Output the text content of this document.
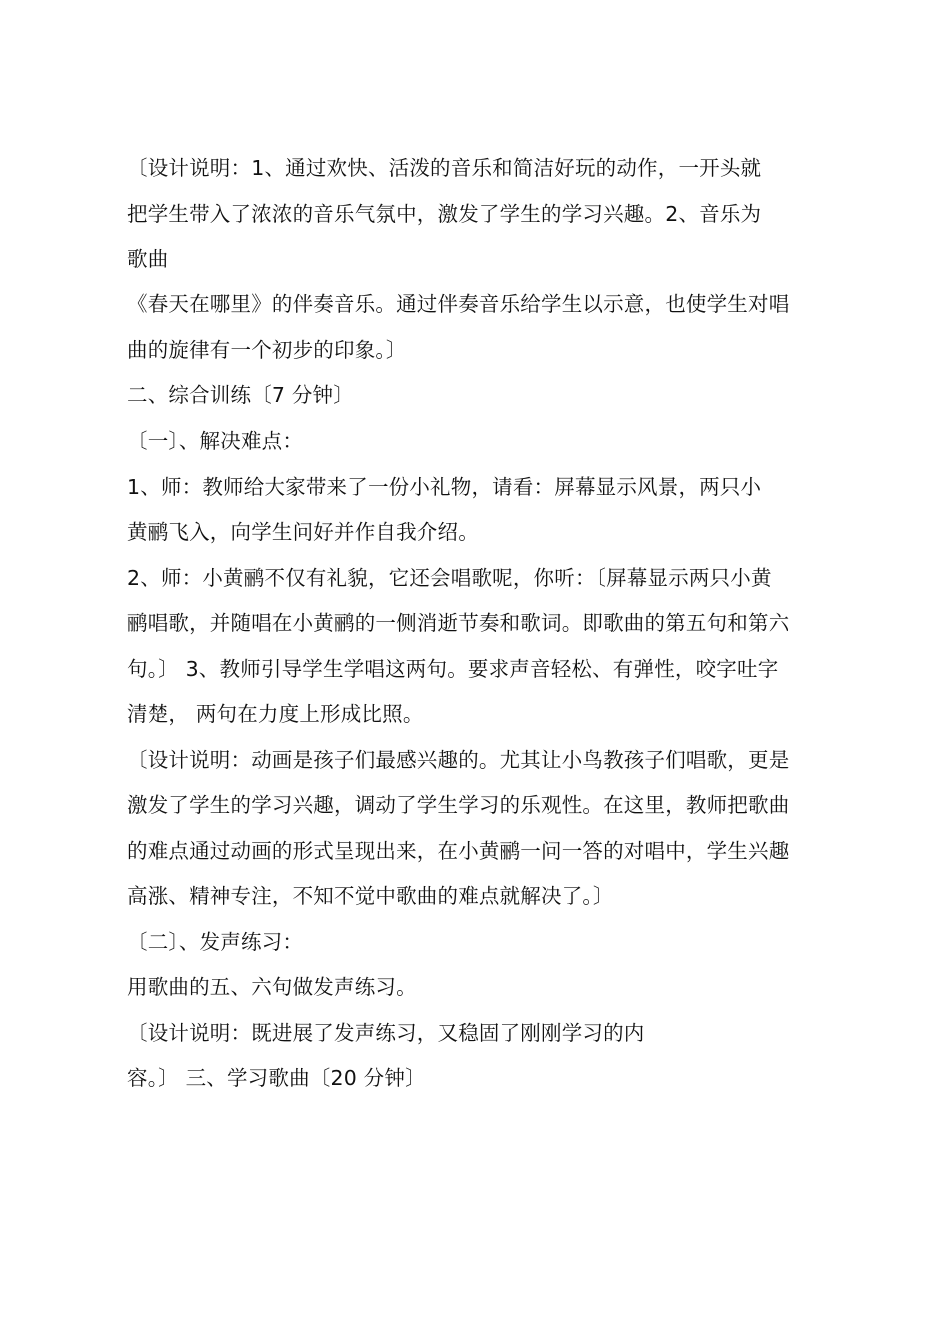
〔设计说明：1、通过欢快、活泼的音乐和简洁好玩的动作，一开头就
把学生带入了浓浓的音乐气氛中，激发了学生的学习兴趣。2、音乐为
歌曲
《春天在哪里》的伴奏音乐。通过伴奏音乐给学生以示意，也使学生对唱
曲的旋律有一个初步的印象。〕
二、综合训练〔7 分钟〕
〔一〕、解决难点：
1、师：教师给大家带来了一份小礼物，请看：屏幕显示风景，两只小
黄鹂飞入，向学生问好并作自我介绍。
2、师：小黄鹂不仅有礼貌，它还会唱歌呢，你听：〔屏幕显示两只小黄
鹂唱歌，并随唱在小黄鹂的一侧消逝节奏和歌词。即歌曲的第五句和第六
句。〕 3、教师引导学生学唱这两句。要求声音轻松、有弹性，咬字吐字
清楚， 两句在力度上形成比照。
〔设计说明：动画是孩子们最感兴趣的。尤其让小鸟教孩子们唱歌，更是
激发了学生的学习兴趣，调动了学生学习的乐观性。在这里，教师把歌曲
的难点通过动画的形式呈现出来，在小黄鹂一问一答的对唱中，学生兴趣
高涨、精神专注，不知不觉中歌曲的难点就解决了。〕
〔二〕、发声练习：
用歌曲的五、六句做发声练习。
〔设计说明：既进展了发声练习，又稳固了刚刚学习的内
容。〕 三、学习歌曲〔20 分钟〕
